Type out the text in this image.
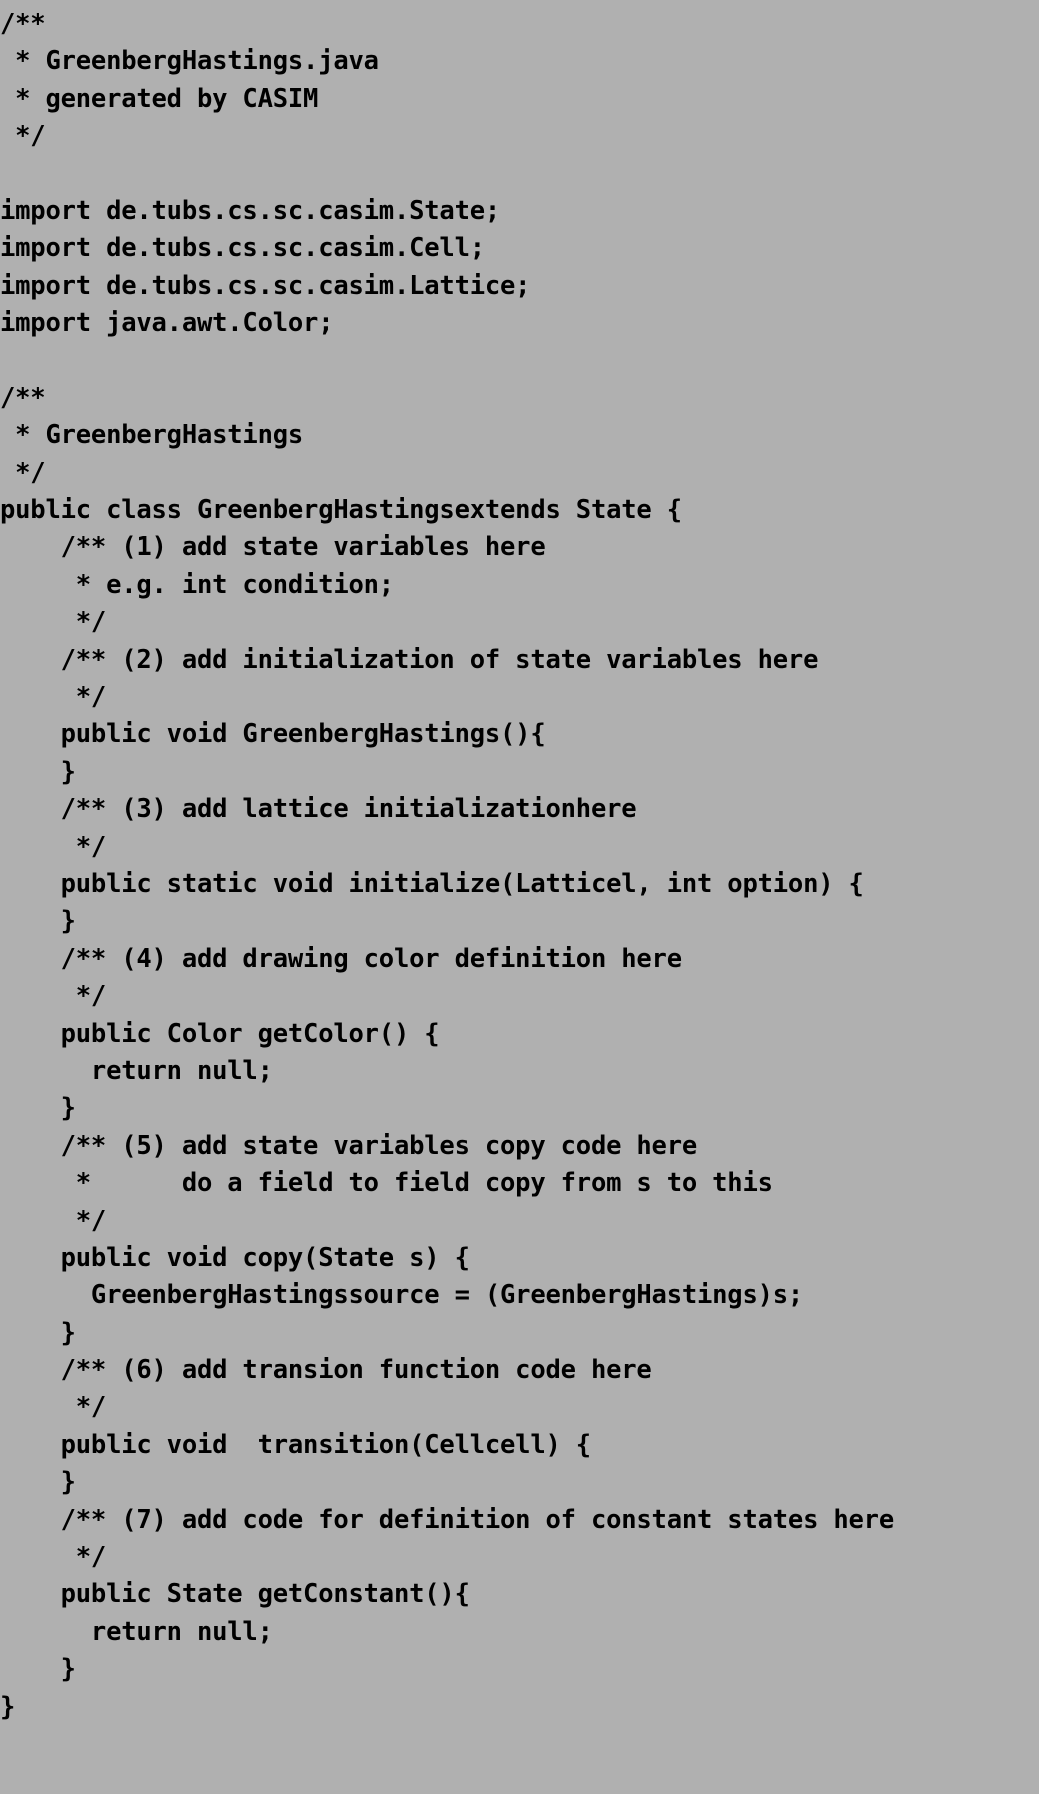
/**
* GreenbergHastings.java
* generated by CASIM
*/

import de.tubs.cs.sc.casim.State;
import de.tubs.cs.sc.casim.Cell;
import de.tubs.cs.sc.casim.Lattice;
import java.awt.Color;

/**
* GreenbergHastings
*/
public class GreenbergHastingsextends State {
/** (1) add state variables here
* e.g. int condition;
*/
/** (2) add initialization of state variables here
*/
public void GreenbergHastings(){
}
/** (3) add lattice initializationhere
*/
public static void initialize(Latticel, int option) {
}
/** (4) add drawing color definition here
*/
public Color getColor() {
return null;
}
/** (5) add state variables copy code here
*      do a field to field copy from s to this
*/
public void copy(State s) {
GreenbergHastingssource = (GreenbergHastings)s;
}
/** (6) add transion function code here
*/
public void  transition(Cellcell) {
}
/** (7) add code for definition of constant states here
*/
public State getConstant(){
return null;
}
}
